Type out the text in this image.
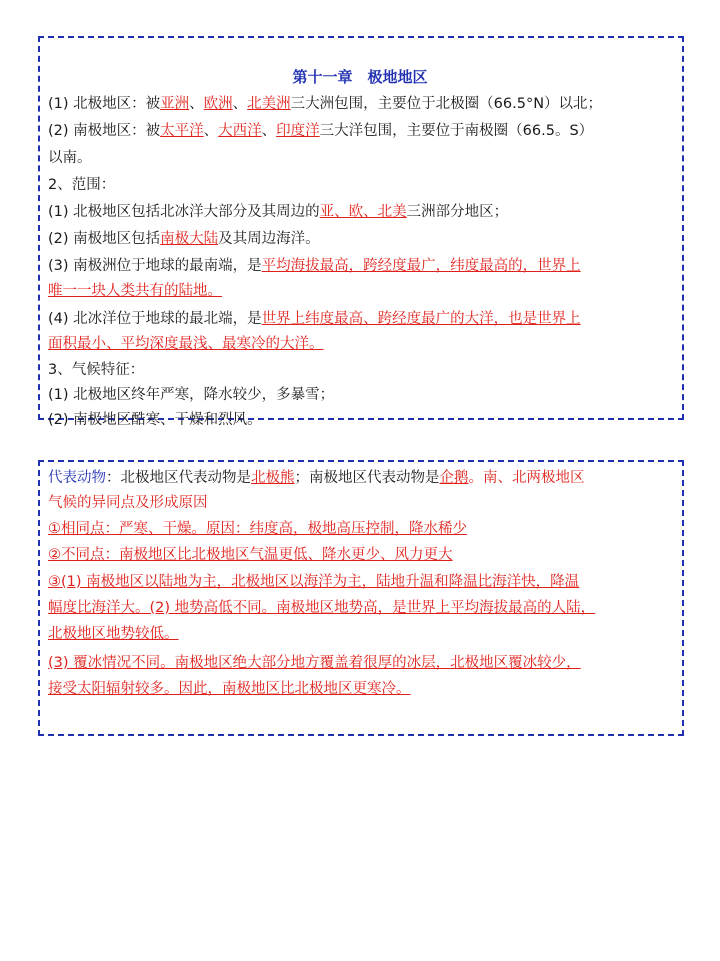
第十一章　极地地区
(1) 北极地区：被亚洲、欧洲、北美洲三大洲包围，主要位于北极圈（66.5°N）以北；
(2) 南极地区：被太平洋、大西洋、印度洋三大洋包围，主要位于南极圈（66.5。S）
以南。
2、范围：
(1) 北极地区包括北冰洋大部分及其周边的亚、欧、北美三洲部分地区；
(2) 南极地区包括南极大陆及其周边海洋。
(3) 南极洲位于地球的最南端，是平均海拔最高，跨经度最广，纬度最高的，世界上
唯一一块人类共有的陆地。
(4) 北冰洋位于地球的最北端，是世界上纬度最高、跨经度最广的大洋，也是世界上
面积最小、平均深度最浅、最寒冷的大洋。
3、气候特征：
(1) 北极地区终年严寒，降水较少，多暴雪；
(2) 南极地区酷寒、干燥和烈风。
代表动物：北极地区代表动物是北极熊；南极地区代表动物是企鹅。南、北两极地区
气候的异同点及形成原因
①相同点：严寒、干燥。原因：纬度高，极地高压控制，降水稀少
②不同点：南极地区比北极地区气温更低、降水更少、风力更大
③(1) 南极地区以陆地为主，北极地区以海洋为主，陆地升温和降温比海洋快，降温
幅度比海洋大。(2) 地势高低不同。南极地区地势高，是世界上平均海拔最高的人陆，
北极地区地势较低。
(3) 覆冰情况不同。南极地区绝大部分地方覆盖着很厚的冰层，北极地区覆冰较少，
接受太阳辐射较多。因此，南极地区比北极地区更寒冷。
